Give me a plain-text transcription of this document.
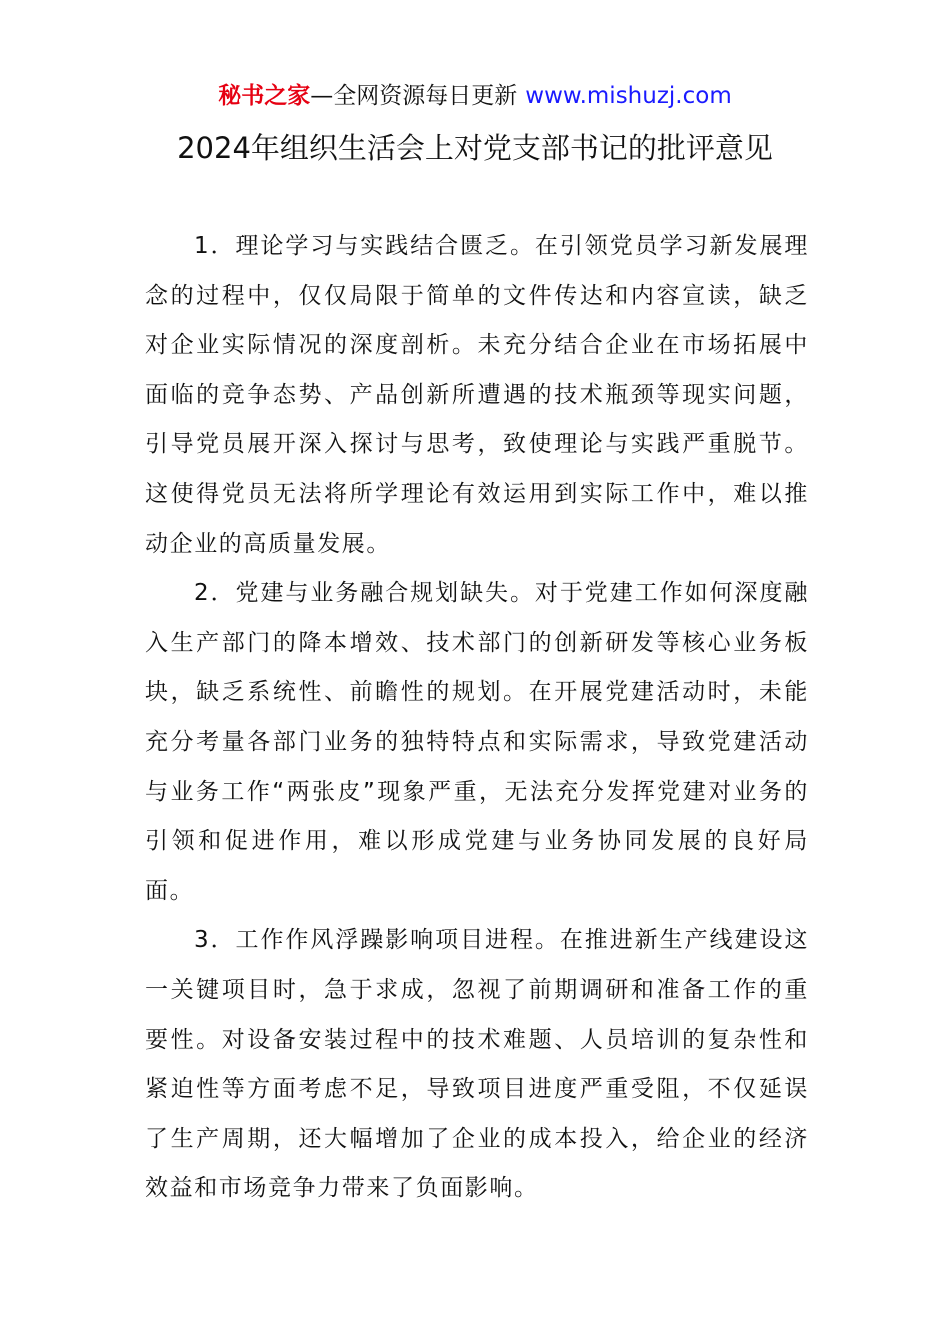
秘书之家—全网资源每日更新 www.mishuzj.com
2024年组织生活会上对党支部书记的批评意见

1．理论学习与实践结合匮乏。在引领党员学习新发展理念的过程中，仅仅局限于简单的文件传达和内容宣读，缺乏对企业实际情况的深度剖析。未充分结合企业在市场拓展中面临的竞争态势、产品创新所遭遇的技术瓶颈等现实问题，引导党员展开深入探讨与思考，致使理论与实践严重脱节。这使得党员无法将所学理论有效运用到实际工作中，难以推动企业的高质量发展。

2．党建与业务融合规划缺失。对于党建工作如何深度融入生产部门的降本增效、技术部门的创新研发等核心业务板块，缺乏系统性、前瞻性的规划。在开展党建活动时，未能充分考量各部门业务的独特特点和实际需求，导致党建活动与业务工作“两张皮”现象严重，无法充分发挥党建对业务的引领和促进作用，难以形成党建与业务协同发展的良好局面。

3．工作作风浮躁影响项目进程。在推进新生产线建设这一关键项目时，急于求成，忽视了前期调研和准备工作的重要性。对设备安装过程中的技术难题、人员培训的复杂性和紧迫性等方面考虑不足，导致项目进度严重受阻，不仅延误了生产周期，还大幅增加了企业的成本投入，给企业的经济效益和市场竞争力带来了负面影响。
